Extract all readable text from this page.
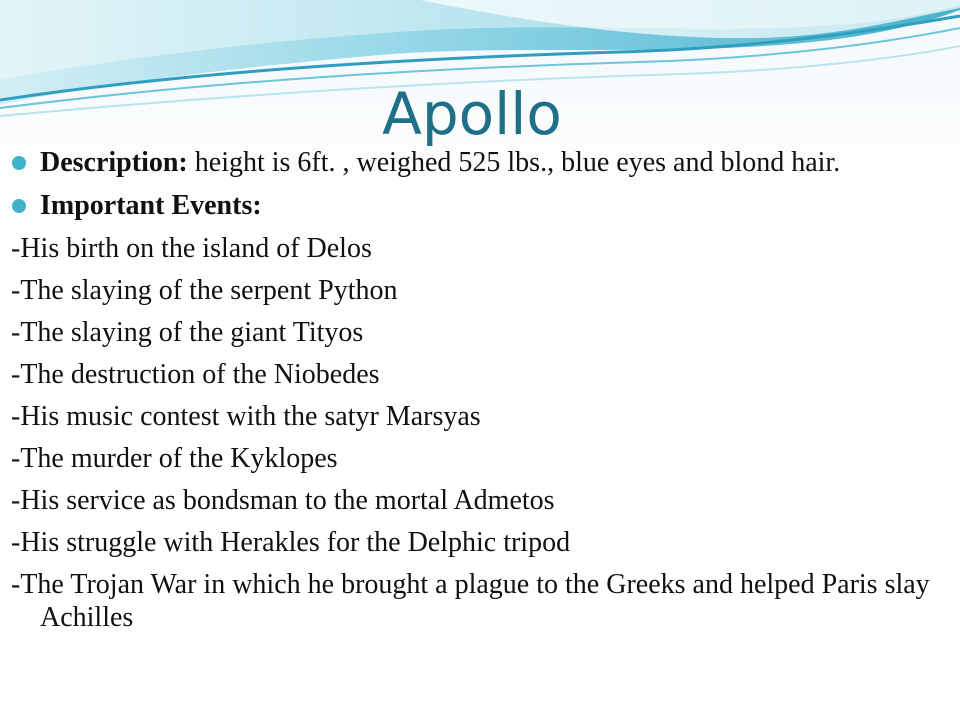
Apollo
Description: height is 6ft. , weighed 525 lbs., blue eyes and blond hair.
Important Events:
-His birth on the island of Delos
-The slaying of the serpent Python
-The slaying of the giant Tityos
-The destruction of the Niobedes
-His music contest with the satyr Marsyas
-The murder of the Kyklopes
-His service as bondsman to the mortal Admetos
-His struggle with Herakles for the Delphic tripod
-The Trojan War in which he brought a plague to the Greeks and helped Paris slay Achilles
